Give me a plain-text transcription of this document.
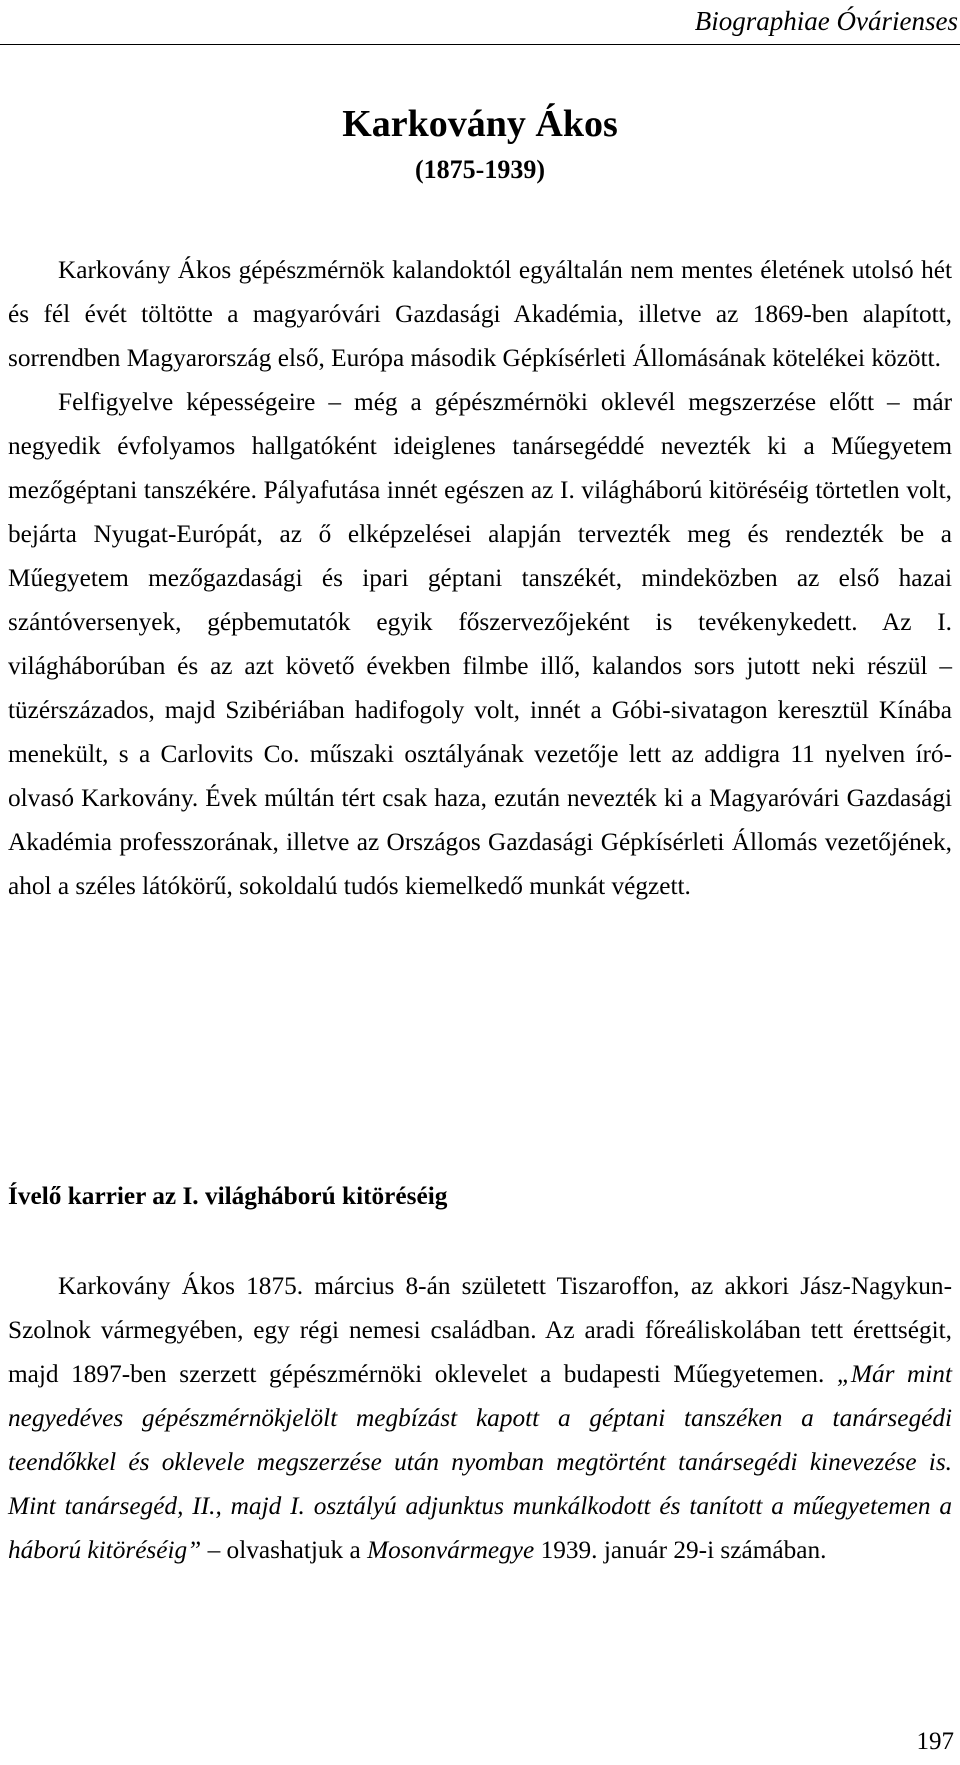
Biographiae Óvárienses

Karkovány Ákos

(1875-1939)

Karkovány Ákos gépészmérnök kalandoktól egyáltalán nem mentes életének utolsó hét és fél évét töltötte a magyaróvári Gazdasági Akadémia, illetve az 1869-ben alapított, sorrendben Magyarország első, Európa második Gépkísérleti Állomásának kötelékei között.
Felfigyelve képességeire – még a gépészmérnöki oklevél megszerzése előtt – már negyedik évfolyamos hallgatóként ideiglenes tanársegéddé nevezték ki a Műegyetem mezőgéptani tanszékére. Pályafutása innét egészen az I. világháború kitöréséig törtetlen volt, bejárta Nyugat-Európát, az ő elképzelései alapján tervezték meg és rendezték be a Műegyetem mezőgazdasági és ipari géptani tanszékét, mindeközben az első hazai szántóversenyek, gépbemutatók egyik főszervezőjeként is tevékenykedett. Az I. világháborúban és az azt követő években filmbe illő, kalandos sors jutott neki részül – tüzérszázados, majd Szibériában hadifogoly volt, innét a Góbi-sivatagon keresztül Kínába menekült, s a Carlovits Co. műszaki osztályának vezetője lett az addigra 11 nyelven író-olvasó Karkovány. Évek múltán tért csak haza, ezután nevezték ki a Magyaróvári Gazdasági Akadémia professzorának, illetve az Országos Gazdasági Gépkísérleti Állomás vezetőjének, ahol a széles látókörű, sokoldalú tudós kiemelkedő munkát végzett.
Ívelő karrier az I. világháború kitöréséig

Karkovány Ákos 1875. március 8-án született Tiszaroffon, az akkori Jász-Nagykun-Szolnok vármegyében, egy régi nemesi családban. Az aradi főreáliskolában tett érettségit, majd 1897-ben szerzett gépészmérnöki oklevelet a budapesti Műegyetemen. „Már mint negyedéves gépészmérnökjelölt megbízást kapott a géptani tanszéken a tanársegédi teendőkkel és oklevele megszerzése után nyomban megtörtént tanársegédi kinevezése is. Mint tanársegéd, II., majd I. osztályú adjunktus munkálkodott és tanított a műegyetemen a háború kitöréséig” – olvashatjuk a Mosonvármegye 1939. január 29-i számában.

197
